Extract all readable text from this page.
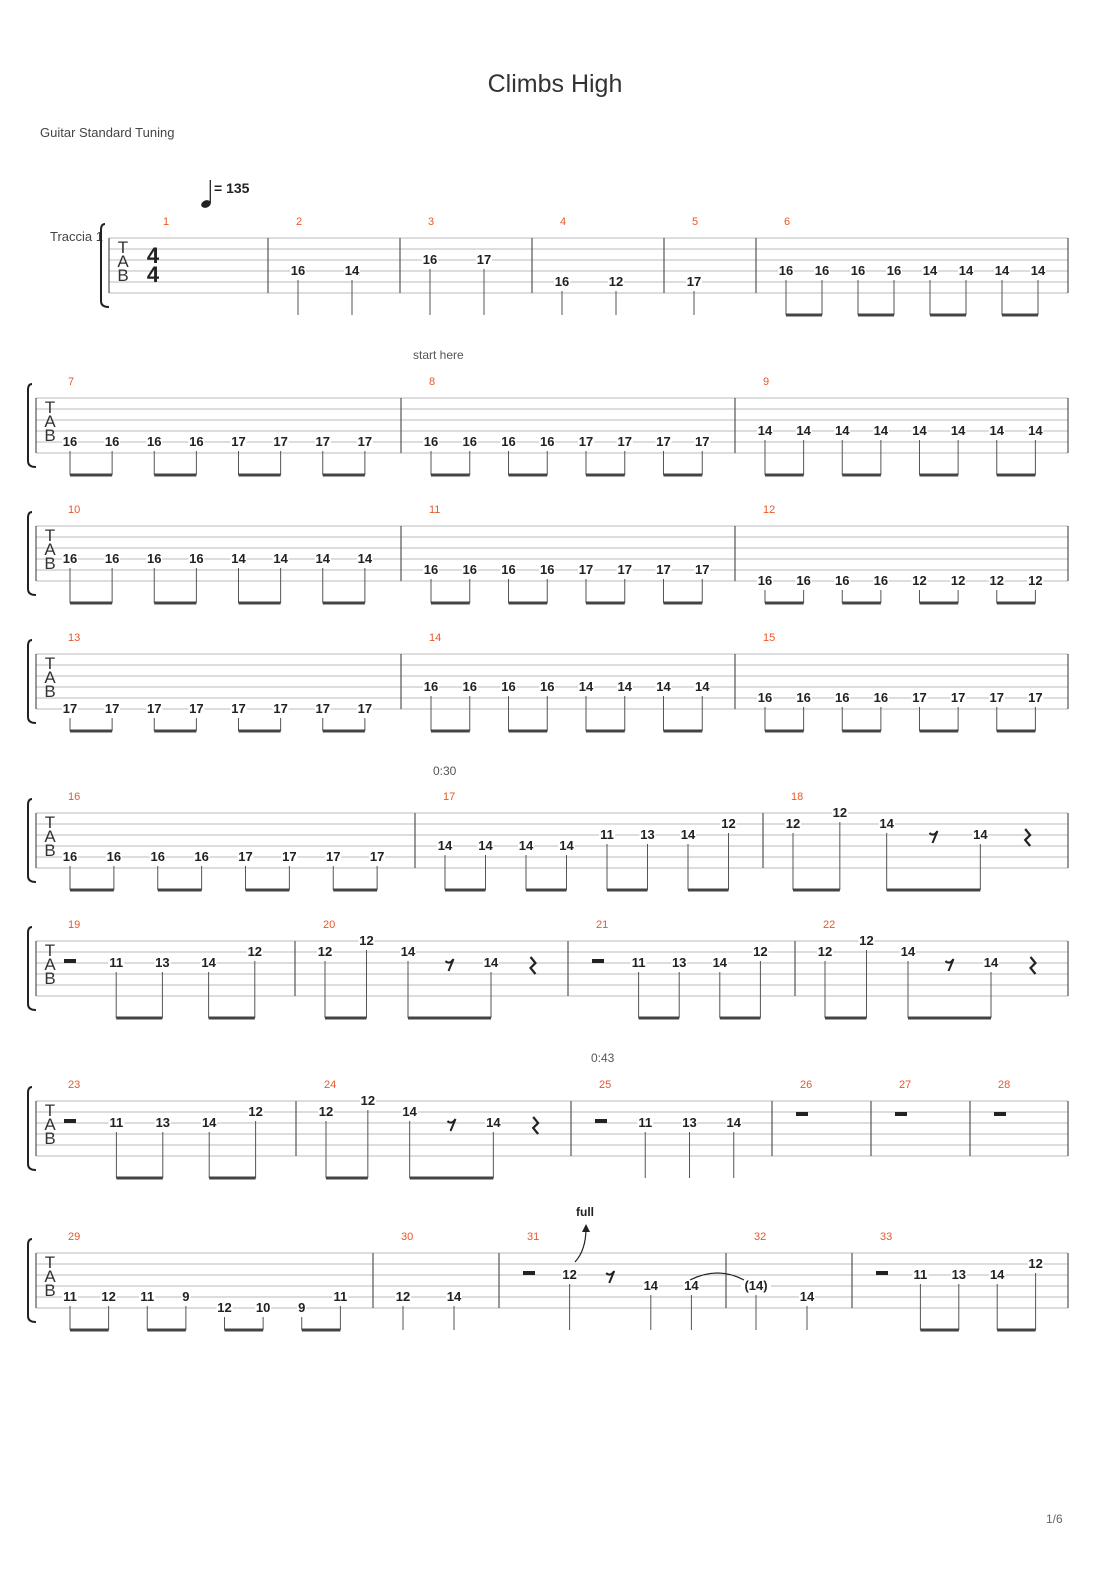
Climbs High
Guitar Standard Tuning
= 135
Traccia 1
start here
0:30
0:43
T
A
B
4
4
1	2
16	14
3
16	17
4
16	12
5
17
6
16 16 16 16 14 14 14 14
T
A
B
7
16 16 16 16 17 17 17 17
8
16 16 16 16 17 17 17 17
9
14 14 14 14 14 14 14 14
T
A
B
10
16 16 16 16 14 14 14 14
11
16 16 16 16 17 17 17 17
12
16 16 16 16 12 12 12 12
T
A
B
13
17 17 17 17 17 17 17 17
14
16 16 16 16 14 14 14 14
15
16 16 16 16 17 17 17 17
T
A
B
16
16 16 16 16 17 17 17 17
17
14 14 14 14
11 13 14
12
18
12
12
14
14
T
A
B
19
11 13 14
12
20
12
12
14
14
21
11 13 14
12
22
12
12
14
14
T
A
B
23
11 13 14
12
24
12
12
14
14
25
11 13 14
26	27	28
T
A
B
29
11 12 11 9
12 10 9
11
30
12	14
31
12
14 14
32
(14)
14
33
11 13 14
12
full
1/6
